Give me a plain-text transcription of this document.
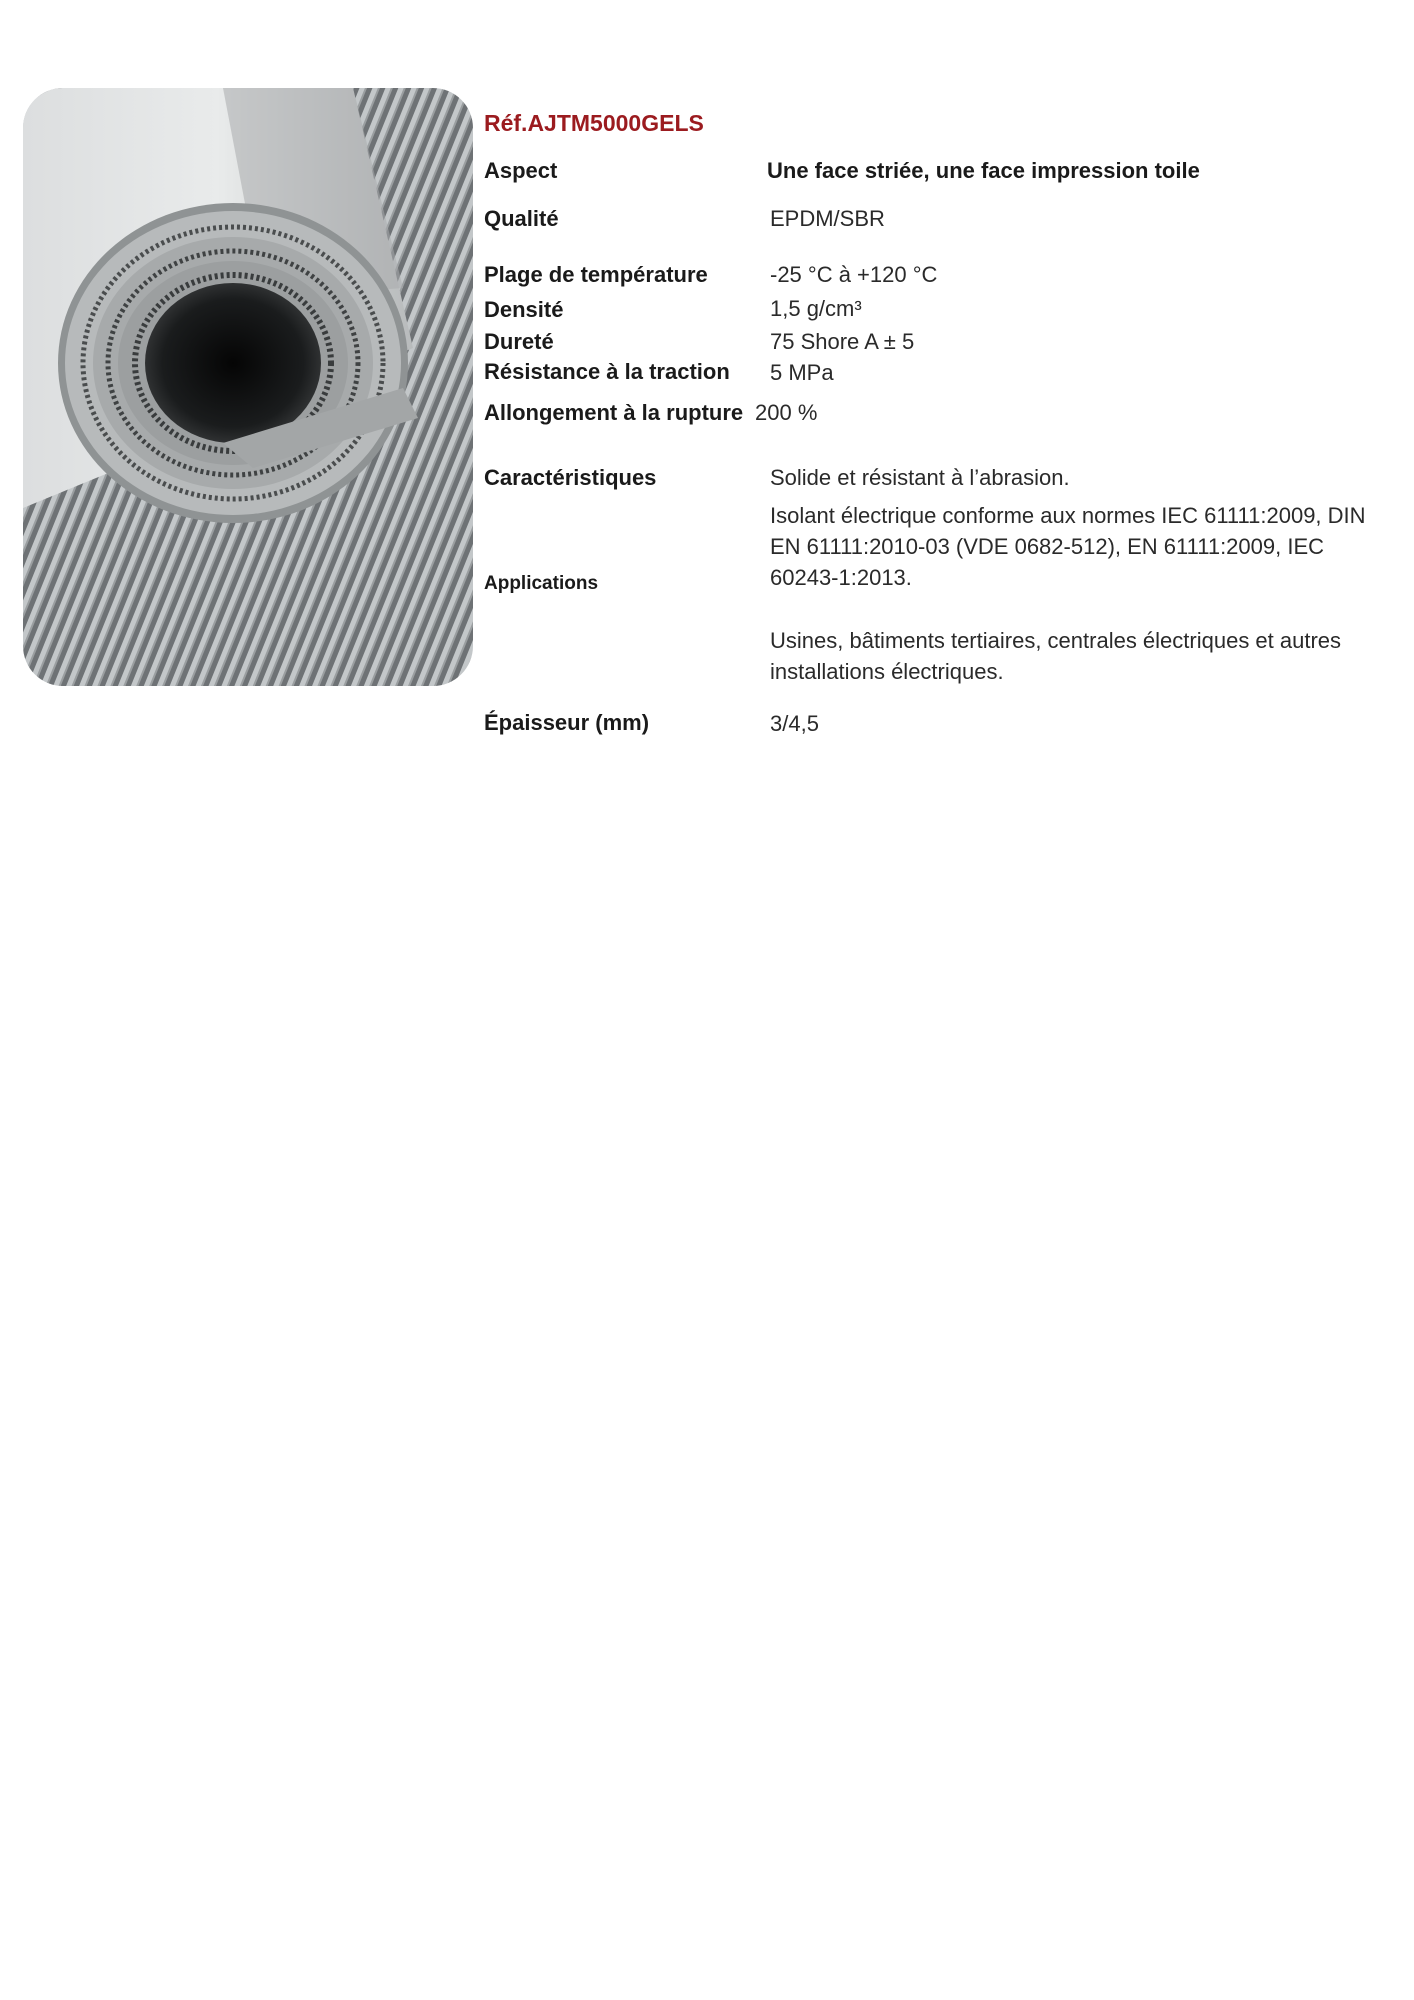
Réf.AJTM5000GELS
Aspect
Qualité
Plage de température
Densité
Dureté
Résistance à la traction
Allongement à la rupture
Caractéristiques
Applications
Épaisseur (mm)
Une face striée, une face impression toile
EPDM/SBR
-25 °C à +120 °C
1,5 g/cm³
75 Shore A ± 5
5 MPa
200 %
Solide et résistant à l’abrasion.
Isolant électrique conforme aux normes IEC 61111:2009, DIN EN 61111:2010-03 (VDE 0682-512), EN 61111:2009, IEC 60243-1:2013.
Usines, bâtiments tertiaires, centrales électriques et autres installations électriques.
3/4,5
